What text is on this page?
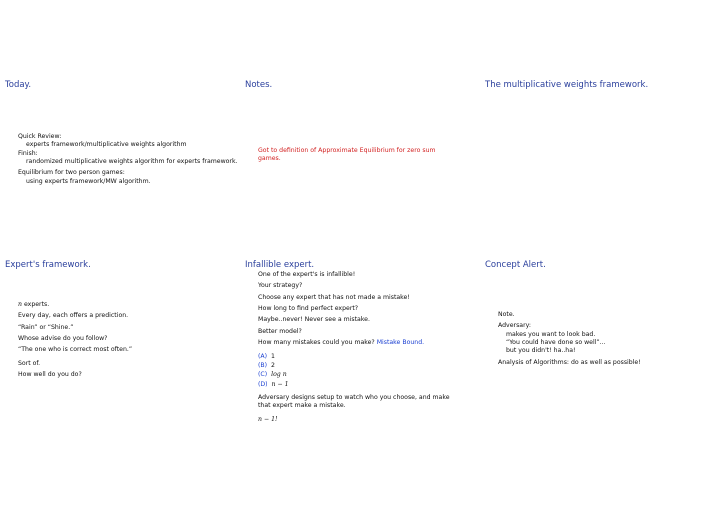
Today.
Quick Review:
experts framework/multiplicative weights algorithm
Finish:
randomized multiplicative weights algorithm for experts framework.
Equilibrium for two person games:
using experts framework/MW algorithm.
Notes.
Got to definition of Approximate Equilibrium for zero sum
games.
The multiplicative weights framework.
Expert's framework.
n experts.
Every day, each offers a prediction.
“Rain” or “Shine.”
Whose advise do you follow?
“The one who is correct most often.”
Sort of.
How well do you do?
Infallible expert.
One of the expert's is infallible!
Your strategy?
Choose any expert that has not made a mistake!
How long to find perfect expert?
Maybe..never! Never see a mistake.
Better model?
How many mistakes could you make? Mistake Bound.
(A) 1
(B) 2
(C) log n
(D) n − 1
Adversary designs setup to watch who you choose, and make
that expert make a mistake.
n − 1!
Concept Alert.
Note.
Adversary:
makes you want to look bad.
“You could have done so well”...
but you didn't! ha..ha!
Analysis of Algorithms: do as well as possible!
